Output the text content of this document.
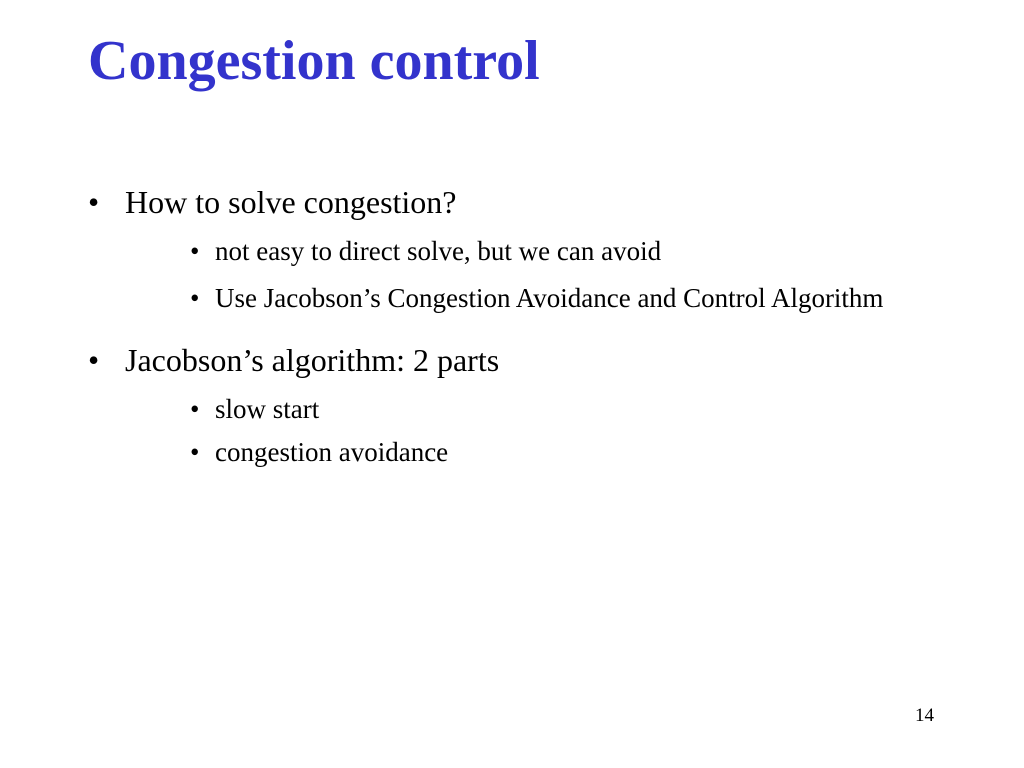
Congestion control
• How to solve congestion?
• not easy to direct solve, but we can avoid
• Use Jacobson’s Congestion Avoidance and Control Algorithm
• Jacobson’s algorithm: 2 parts
• slow start
• congestion avoidance
14
